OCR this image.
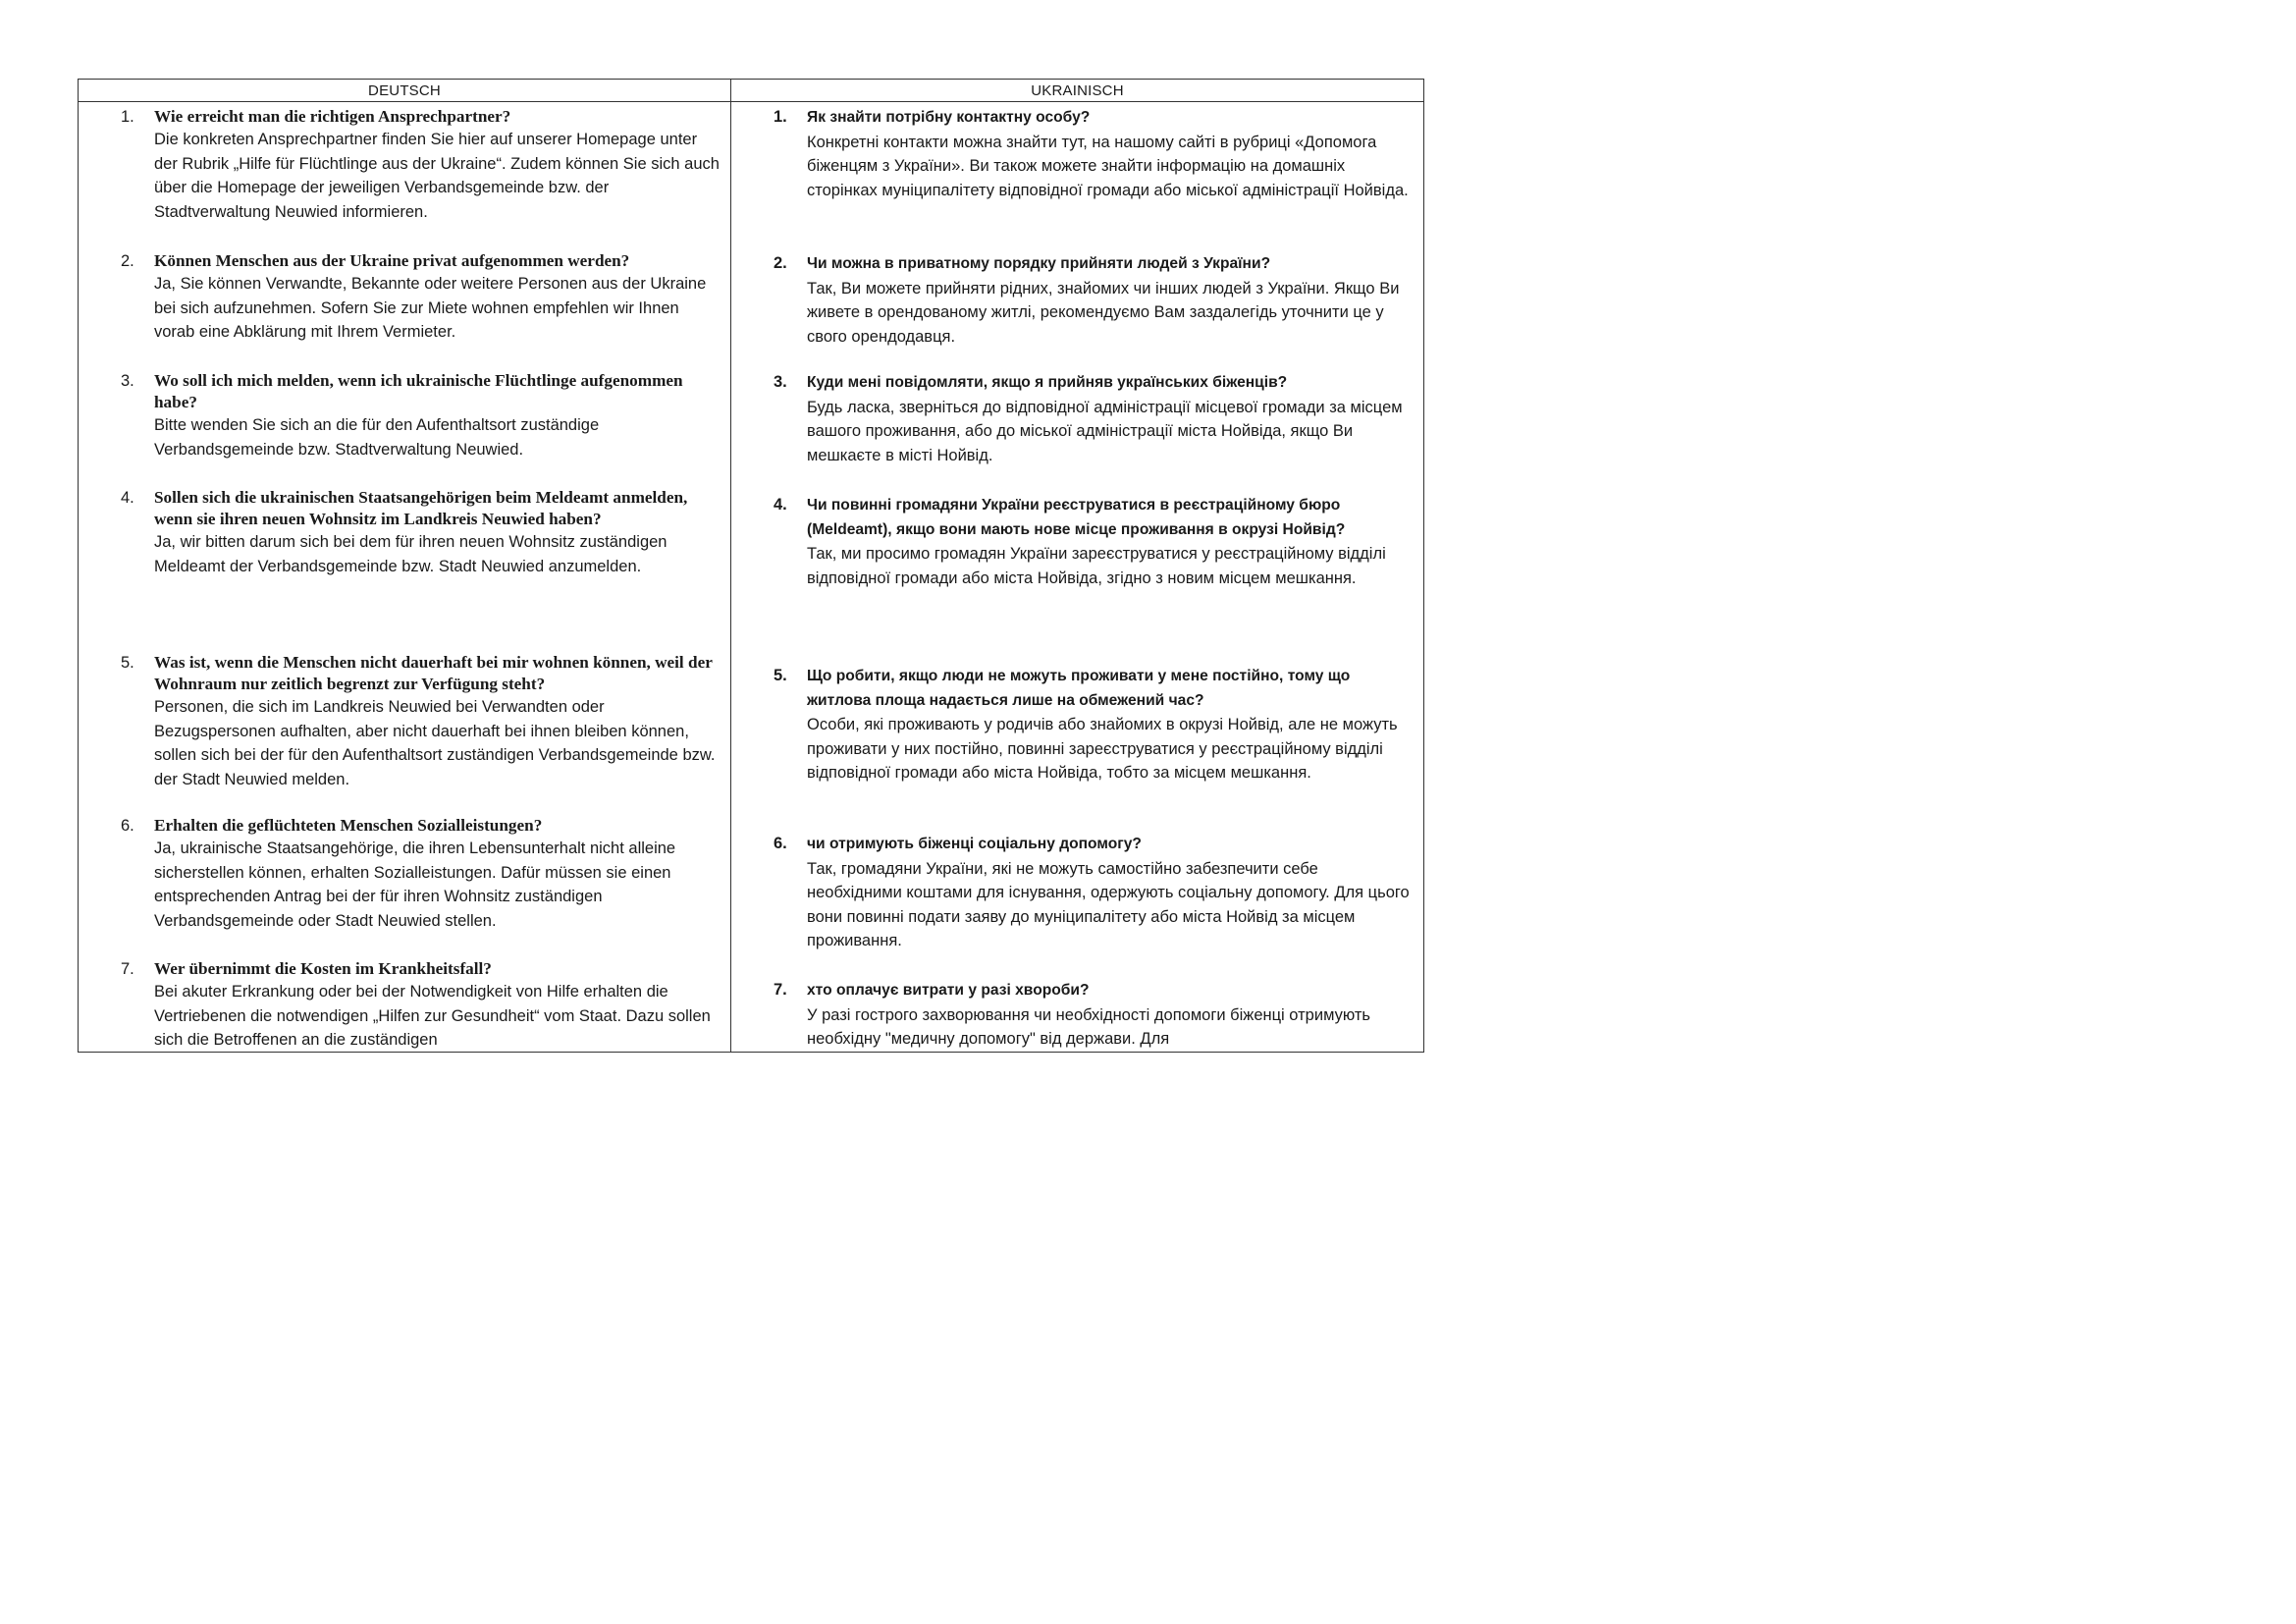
DEUTSCH	UKRAINISCH
1. Wie erreicht man die richtigen Ansprechpartner?

Die konkreten Ansprechpartner finden Sie hier auf unserer Homepage unter der Rubrik „Hilfe für Flüchtlinge aus der Ukraine“. Zudem können Sie sich auch über die Homepage der jeweiligen Verbandsgemeinde bzw. der Stadtverwaltung Neuwied informieren.

2. Können Menschen aus der Ukraine privat aufgenommen werden?

Ja, Sie können Verwandte, Bekannte oder weitere Personen aus der Ukraine bei sich aufzunehmen. Sofern Sie zur Miete wohnen empfehlen wir Ihnen vorab eine Abklärung mit Ihrem Vermieter.

3. Wo soll ich mich melden, wenn ich ukrainische Flüchtlinge aufgenommen habe?

Bitte wenden Sie sich an die für den Aufenthaltsort zuständige Verbandsgemeinde bzw. Stadtverwaltung Neuwied.

4. Sollen sich die ukrainischen Staatsangehörigen beim Meldeamt anmelden, wenn sie ihren neuen Wohnsitz im Landkreis Neuwied haben?

Ja, wir bitten darum sich bei dem für ihren neuen Wohnsitz zuständigen Meldeamt der Verbandsgemeinde bzw. Stadt Neuwied anzumelden.

5. Was ist, wenn die Menschen nicht dauerhaft bei mir wohnen können, weil der Wohnraum nur zeitlich begrenzt zur Verfügung steht?

Personen, die sich im Landkreis Neuwied bei Verwandten oder Bezugspersonen aufhalten, aber nicht dauerhaft bei ihnen bleiben können, sollen sich bei der für den Aufenthaltsort zuständigen Verbandsgemeinde bzw. der Stadt Neuwied melden.

6. Erhalten die geflüchteten Menschen Sozialleistungen?

Ja, ukrainische Staatsangehörige, die ihren Lebensunterhalt nicht alleine sicherstellen können, erhalten Sozialleistungen. Dafür müssen sie einen entsprechenden Antrag bei der für ihren Wohnsitz zuständigen Verbandsgemeinde oder Stadt Neuwied stellen.

7. Wer übernimmt die Kosten im Krankheitsfall?

Bei akuter Erkrankung oder bei der Notwendigkeit von Hilfe erhalten die Vertriebenen die notwendigen „Hilfen zur Gesundheit“ vom Staat. Dazu sollen sich die Betroffenen an die zuständigen

1. Як знайти потрібну контактну особу?

Конкретні контакти можна знайти тут, на нашому сайті в рубриці «Допомога біженцям з України». Ви також можете знайти інформацію на домашніх сторінках муніципалітету відповідної громади або міської адміністрації Нойвіда.

2. Чи можна в приватному порядку прийняти людей з України?

Так, Ви можете прийняти рідних, знайомих чи інших людей з України. Якщо Ви живете в орендованому житлі, рекомендуємо Вам заздалегідь уточнити це у свого орендодавця.

3. Куди мені повідомляти, якщо я прийняв українських біженців?

Будь ласка, зверніться до відповідної адміністрації місцевої громади за місцем вашого проживання, або до міської адміністрації міста Нойвіда, якщо Ви мешкаєте в місті Нойвід.

4. Чи повинні громадяни України реєструватися в реєстраційному бюро (Meldeamt), якщо вони мають нове місце проживання в окрузі Нойвід?

Так, ми просимо громадян України зареєструватися у реєстраційному відділі відповідної громади або міста Нойвіда, згідно з новим місцем мешкання.

5. Що робити, якщо люди не можуть проживати у мене постійно, тому що житлова площа надається лише на обмежений час?

Особи, які проживають у родичів або знайомих в окрузі Нойвід, але не можуть проживати у них постійно, повинні зареєструватися у реєстраційному відділі відповідної громади або міста Нойвіда, тобто за місцем мешкання.

6. чи отримують біженці соціальну допомогу?

Так, громадяни України, які не можуть самостійно забезпечити себе необхідними коштами для існування, одержують соціальну допомогу. Для цього вони повинні подати заяву до муніципалітету або міста Нойвід за місцем проживання.

7. хто оплачує витрати у разі хвороби?

У разі гострого захворювання чи необхідності допомоги біженці отримують необхідну "медичну допомогу" від держави. Для
